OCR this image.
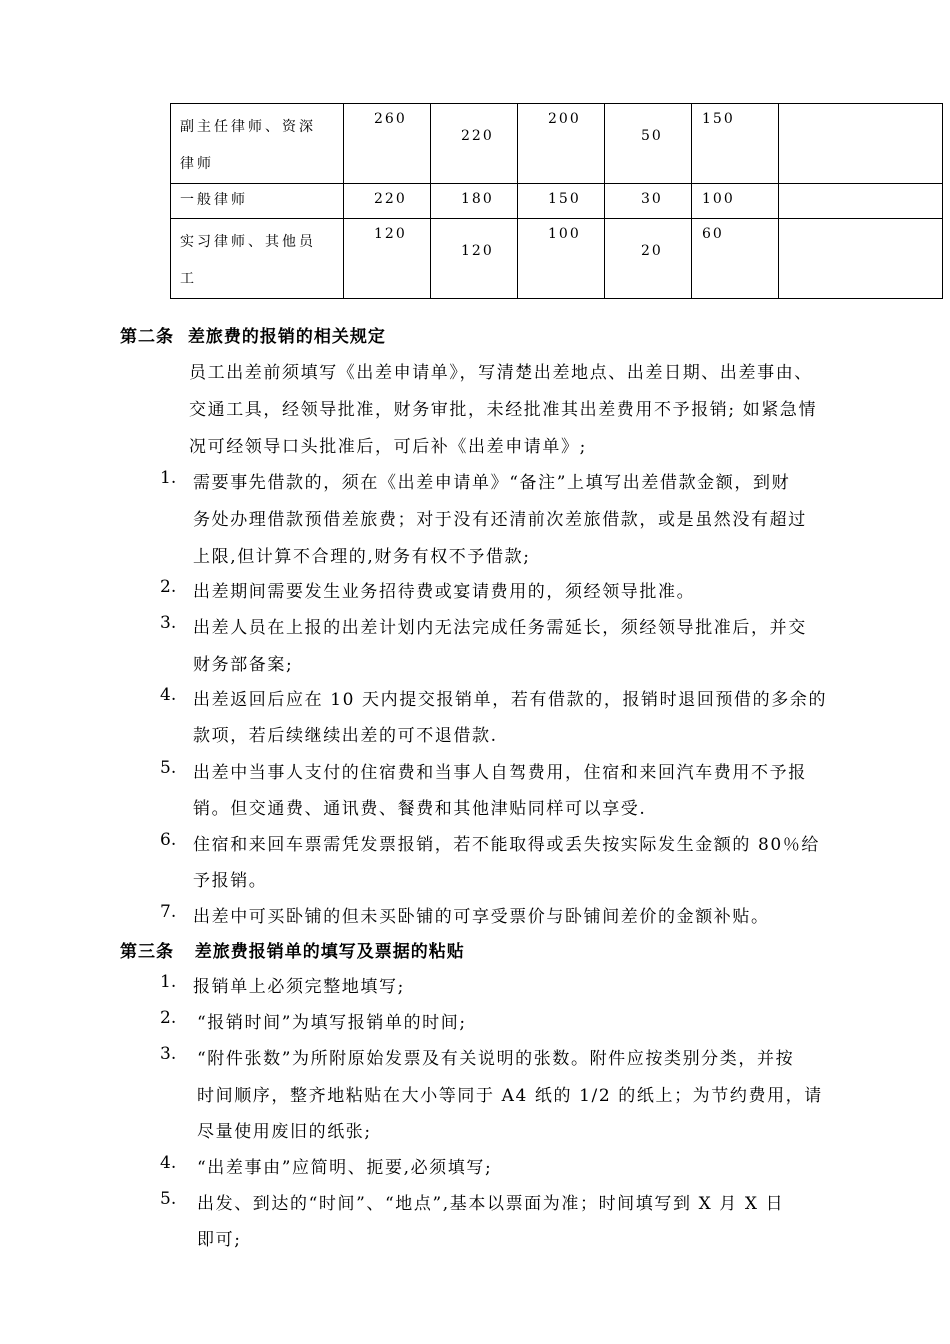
副主任律师、资深
律师	260	220	200	50	150	

一般律师	220	180	150	30	100	

实习律师、其他员
工	120	120	100	20	60	

第二条  差旅费的报销的相关规定
员工出差前须填写《出差申请单》，写清楚出差地点、出差日期、出差事由、
交通工具，经领导批准，财务审批，未经批准其出差费用不予报销; 如紧急情
况可经领导口头批准后，可后补《出差申请单》;
1. 需要事先借款的，须在《出差申请单》“备注”上填写出差借款金额，到财
务处办理借款预借差旅费；对于没有还清前次差旅借款，或是虽然没有超过
上限,但计算不合理的,财务有权不予借款;
2. 出差期间需要发生业务招待费或宴请费用的，须经领导批准。
3. 出差人员在上报的出差计划内无法完成任务需延长，须经领导批准后，并交
财务部备案;
4. 出差返回后应在 10 天内提交报销单，若有借款的，报销时退回预借的多余的
款项，若后续继续出差的可不退借款.
5. 出差中当事人支付的住宿费和当事人自驾费用，住宿和来回汽车费用不予报
销。但交通费、通讯费、餐费和其他津贴同样可以享受.
6. 住宿和来回车票需凭发票报销，若不能取得或丢失按实际发生金额的 80％给
予报销。
7. 出差中可买卧铺的但未买卧铺的可享受票价与卧铺间差价的金额补贴。
第三条   差旅费报销单的填写及票据的粘贴
1. 报销单上必须完整地填写;
2. “报销时间”为填写报销单的时间;
3. “附件张数”为所附原始发票及有关说明的张数。附件应按类别分类，并按
时间顺序，整齐地粘贴在大小等同于 A4 纸的 1/2 的纸上；为节约费用，请
尽量使用废旧的纸张;
4. “出差事由”应简明、扼要,必须填写;
5. 出发、到达的“时间”、“地点”,基本以票面为准；时间填写到 X 月 X 日
即可;
